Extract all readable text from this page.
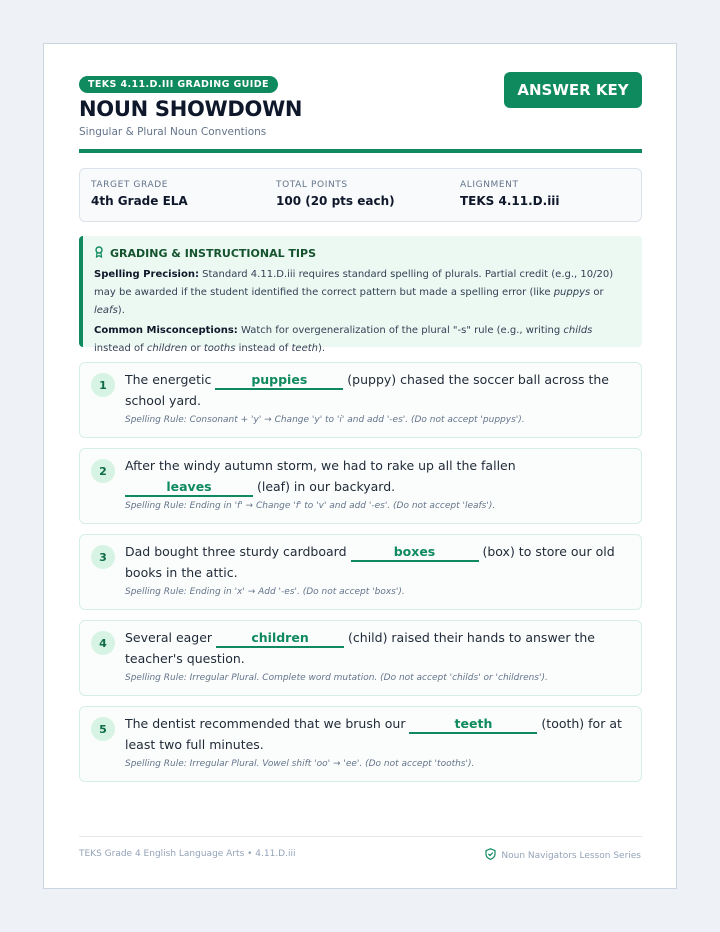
TEKS 4.11.D.III GRADING GUIDE
NOUN SHOWDOWN
Singular & Plural Noun Conventions
ANSWER KEY
TARGET GRADE
4th Grade ELA
TOTAL POINTS
100 (20 pts each)
ALIGNMENT
TEKS 4.11.D.iii
GRADING & INSTRUCTIONAL TIPS

Spelling Precision: Standard 4.11.D.iii requires standard spelling of plurals. Partial credit (e.g., 10/20) may be awarded if the student identified the correct pattern but made a spelling error (like puppys or leafs).

Common Misconceptions: Watch for overgeneralization of the plural "-s" rule (e.g., writing childs instead of children or tooths instead of teeth).

1	The energetic	puppies	(puppy) chased the soccer ball across the school yard.
Spelling Rule: Consonant + 'y' → Change 'y' to 'i' and add '-es'. (Do not accept 'puppys').
2	After the windy autumn storm, we had to rake up all the fallen leaves	(leaf) in our backyard.
Spelling Rule: Ending in 'f' → Change 'f' to 'v' and add '-es'. (Do not accept 'leafs').
3	Dad bought three sturdy cardboard	boxes	(box) to store our old books in the attic.
Spelling Rule: Ending in 'x' → Add '-es'. (Do not accept 'boxs').
4	Several eager	children	(child) raised their hands to answer the teacher's question.
Spelling Rule: Irregular Plural. Complete word mutation. (Do not accept 'childs' or 'childrens').
5	The dentist recommended that we brush our	teeth	(tooth) for at least two full minutes.
Spelling Rule: Irregular Plural. Vowel shift 'oo' → 'ee'. (Do not accept 'tooths').
TEKS Grade 4 English Language Arts • 4.11.D.iii	Noun Navigators Lesson Series
